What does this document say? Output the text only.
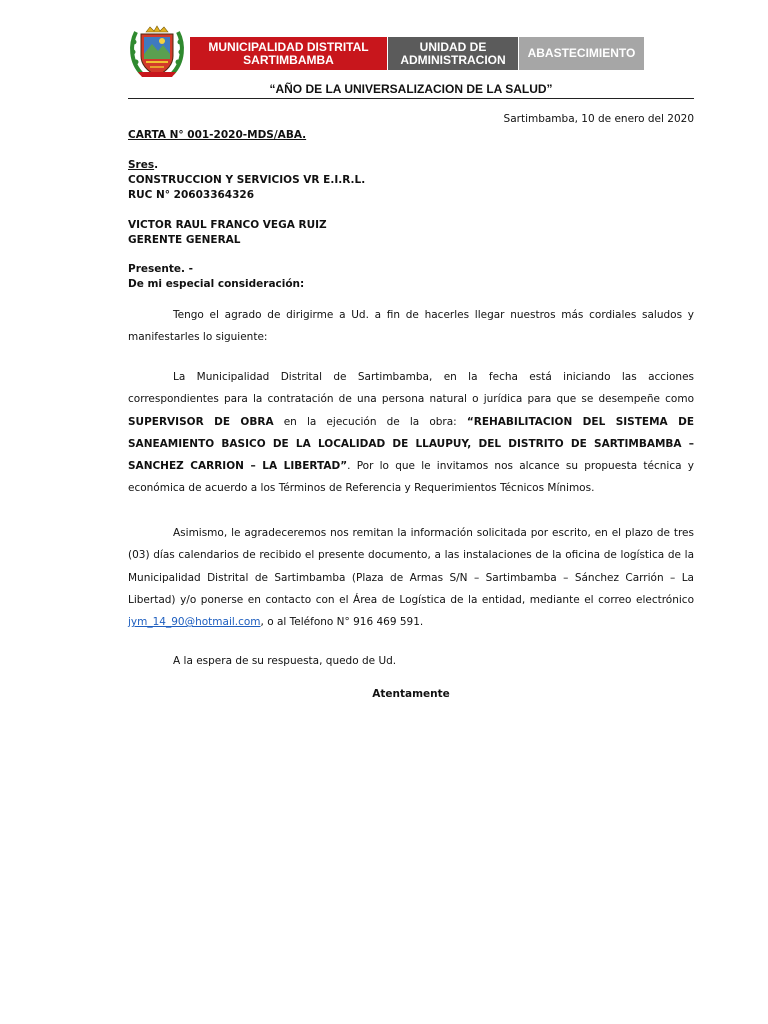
MUNICIPALIDAD DISTRITAL
SARTIMBAMBA
UNIDAD DE
ADMINISTRACION ABASTECIMIENTO
“AÑO DE LA UNIVERSALIZACION DE LA SALUD”
Sartimbamba, 10 de enero del 2020
CARTA N° 001-2020-MDS/ABA.
Sres.
CONSTRUCCION Y SERVICIOS VR E.I.R.L.
RUC N° 20603364326
VICTOR RAUL FRANCO VEGA RUIZ
GERENTE GENERAL
Presente. -
De mi especial consideración:

Tengo el agrado de dirigirme a Ud. a fin de hacerles llegar nuestros más cordiales saludos y manifestarles lo siguiente:

La Municipalidad Distrital de Sartimbamba, en la fecha está iniciando las acciones correspondientes para la contratación de una persona natural o jurídica para que se desempeñe como SUPERVISOR DE OBRA en la ejecución de la obra: “REHABILITACION DEL SISTEMA DE SANEAMIENTO BASICO DE LA LOCALIDAD DE LLAUPUY, DEL DISTRITO DE SARTIMBAMBA – SANCHEZ CARRION – LA LIBERTAD”. Por lo que le invitamos nos alcance su propuesta técnica y económica de acuerdo a los Términos de Referencia y Requerimientos Técnicos Mínimos.

Asimismo, le agradeceremos nos remitan la información solicitada por escrito, en el plazo de tres (03) días calendarios de recibido el presente documento, a las instalaciones de la oficina de logística de la Municipalidad Distrital de Sartimbamba (Plaza de Armas S/N – Sartimbamba – Sánchez Carrión – La Libertad) y/o ponerse en contacto con el Área de Logística de la entidad, mediante el correo electrónico jym_14_90@hotmail.com, o al Teléfono N° 916 469 591.

A la espera de su respuesta, quedo de Ud.

Atentamente
